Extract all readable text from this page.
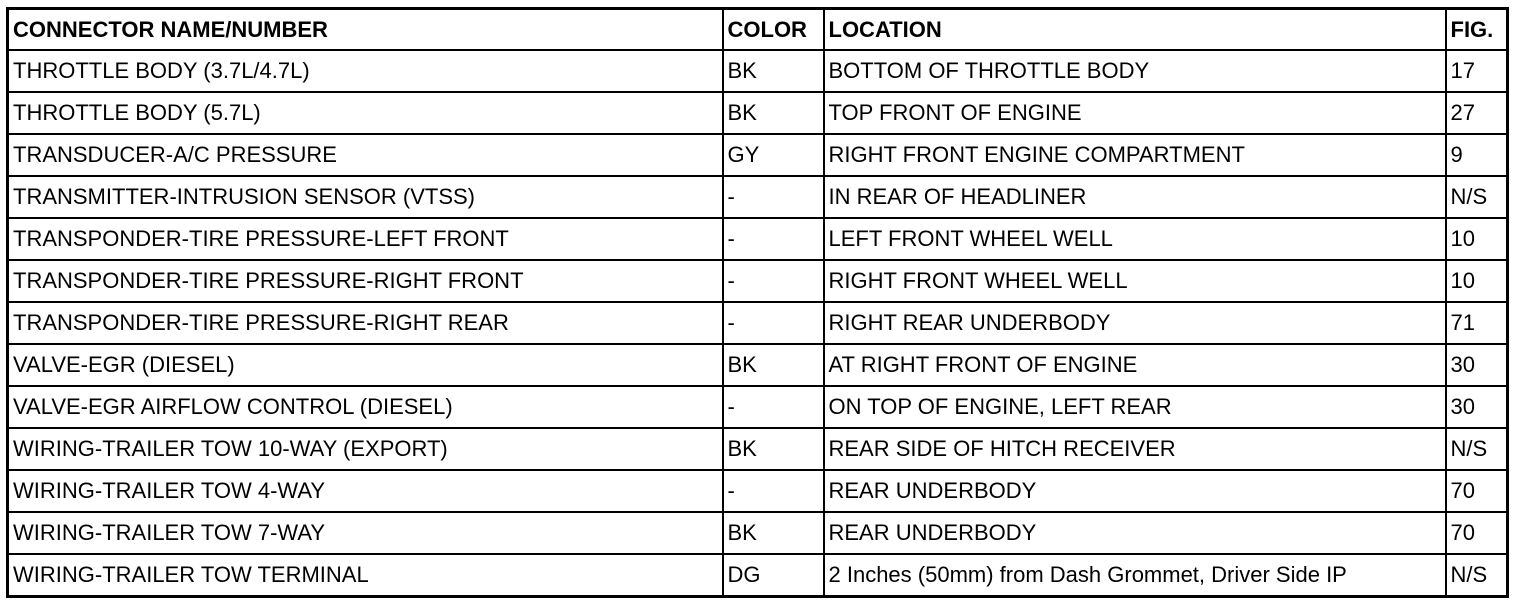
CONNECTOR NAME/NUMBER	COLOR	LOCATION	FIG.
THROTTLE BODY (3.7L/4.7L)	BK	BOTTOM OF THROTTLE BODY	17
THROTTLE BODY (5.7L)	BK	TOP FRONT OF ENGINE	27
TRANSDUCER-A/C PRESSURE	GY	RIGHT FRONT ENGINE COMPARTMENT	9
TRANSMITTER-INTRUSION SENSOR (VTSS)	-	IN REAR OF HEADLINER	N/S
TRANSPONDER-TIRE PRESSURE-LEFT FRONT	-	LEFT FRONT WHEEL WELL	10
TRANSPONDER-TIRE PRESSURE-RIGHT FRONT	-	RIGHT FRONT WHEEL WELL	10
TRANSPONDER-TIRE PRESSURE-RIGHT REAR	-	RIGHT REAR UNDERBODY	71
VALVE-EGR (DIESEL)	BK	AT RIGHT FRONT OF ENGINE	30
VALVE-EGR AIRFLOW CONTROL (DIESEL)	-	ON TOP OF ENGINE, LEFT REAR	30
WIRING-TRAILER TOW 10-WAY (EXPORT)	BK	REAR SIDE OF HITCH RECEIVER	N/S
WIRING-TRAILER TOW 4-WAY	-	REAR UNDERBODY	70
WIRING-TRAILER TOW 7-WAY	BK	REAR UNDERBODY	70
WIRING-TRAILER TOW TERMINAL	DG	2 Inches (50mm) from Dash Grommet, Driver Side IP	N/S
